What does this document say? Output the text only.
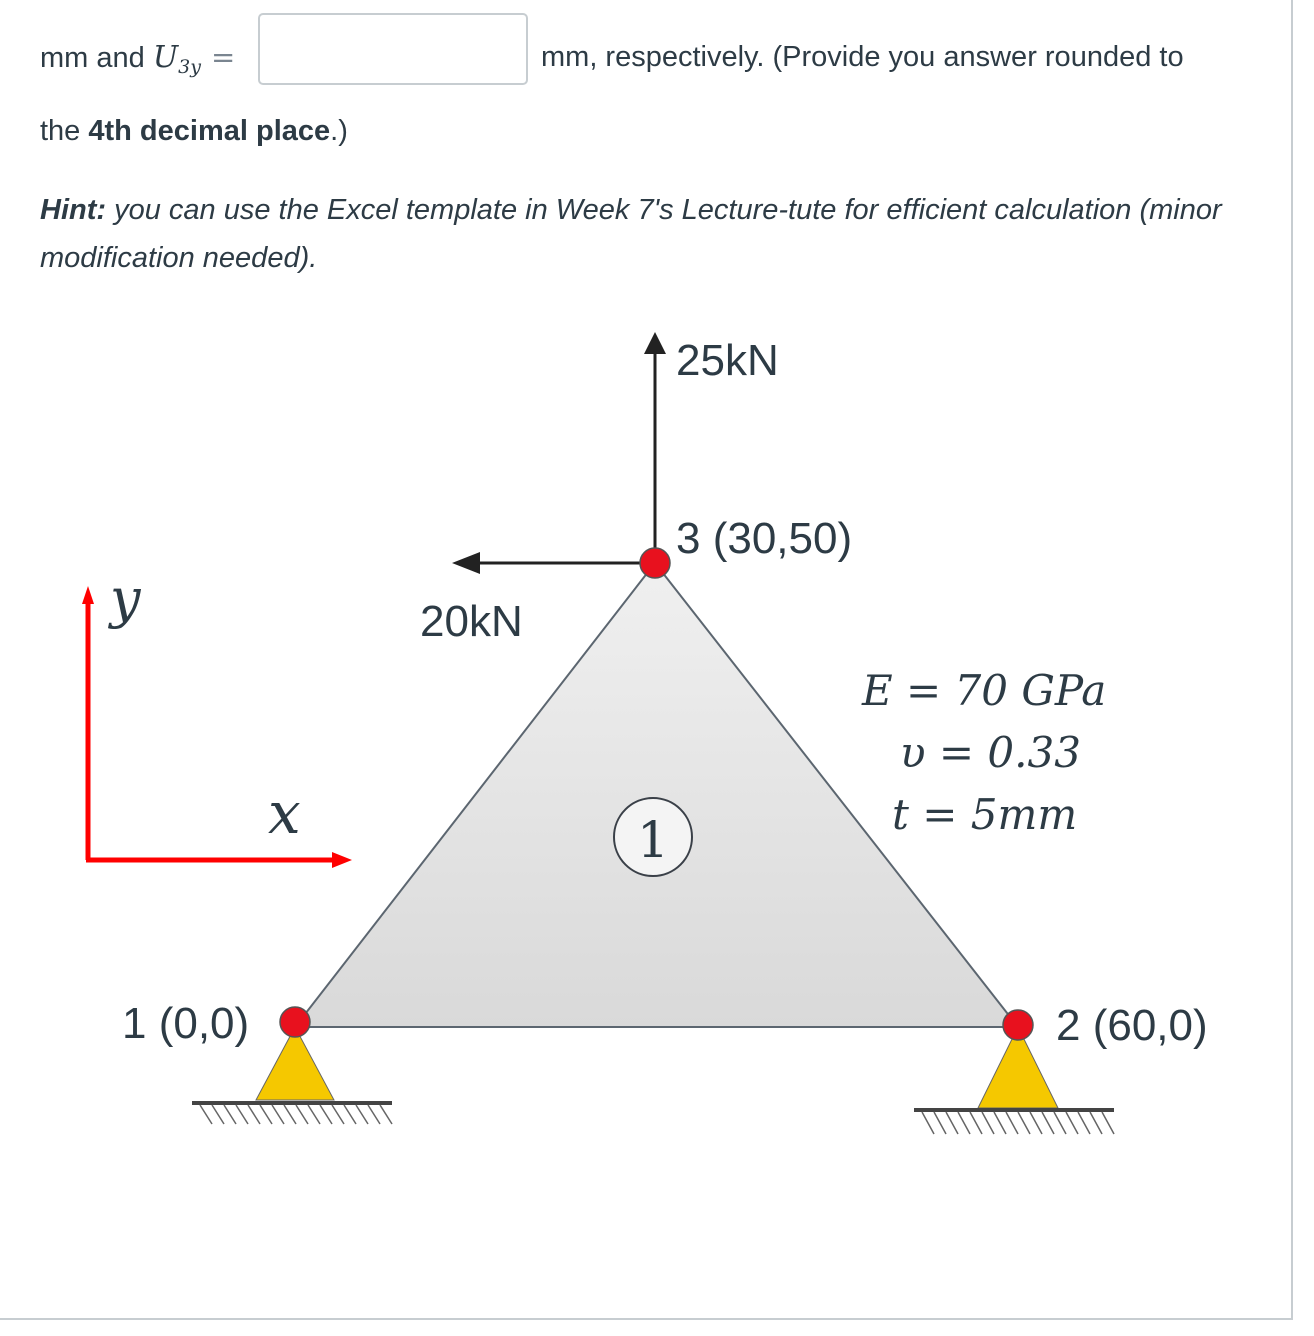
mm and $U_{3y}$ =	mm, respectively. (Provide you answer rounded to
the 4th decimal place.)
Hint: you can use the Excel template in Week 7's Lecture-tute for efficient calculation (minor modification needed).
y
x	1
25kN
20kN
1 (0,0)	2 (60,0)
3 (30,50)
E = 70 GPa
υ = 0.33
t = 5mm
